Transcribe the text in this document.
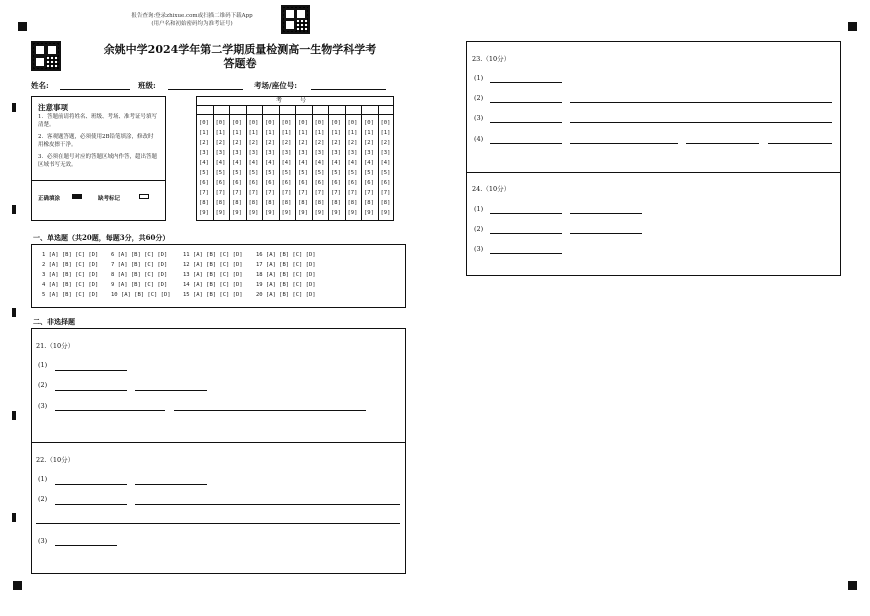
报告查询:登录zhixue.com或扫描二维码下载App
(用户名和初始密码均为准考证号)
余姚中学2024学年第二学期质量检测高一生物学科学考
答题卷
姓名:	班级:	考场/座位号:
注意事项
1．答题前请将姓名、班级、考场、准考证号填写清楚。
2．客观题答题，必须使用2B铅笔填涂，修改时用橡皮擦干净。
3．必须在题号对应的答题区域内作答，超出答题区域书写无效。
正确填涂	缺考标记
考 号
[0] [0] [0] [0] [0] [0] [0] [0] [0] [0] [0] [0]
[1] [1] [1] [1] [1] [1] [1] [1] [1] [1] [1] [1]
[2] [2] [2] [2] [2] [2] [2] [2] [2] [2] [2] [2]
[3] [3] [3] [3] [3] [3] [3] [3] [3] [3] [3] [3]
[4] [4] [4] [4] [4] [4] [4] [4] [4] [4] [4] [4]
[5] [5] [5] [5] [5] [5] [5] [5] [5] [5] [5] [5]
[6] [6] [6] [6] [6] [6] [6] [6] [6] [6] [6] [6]
[7] [7] [7] [7] [7] [7] [7] [7] [7] [7] [7] [7]
[8] [8] [8] [8] [8] [8] [8] [8] [8] [8] [8] [8]
[9] [9] [9] [9] [9] [9] [9] [9] [9] [9] [9] [9]
一、单选题（共20题，每题3分，共60分）
1 [A] [B] [C] [D]
2 [A] [B] [C] [D]
3 [A] [B] [C] [D]
4 [A] [B] [C] [D]
5 [A] [B] [C] [D]
6 [A] [B] [C] [D]
7 [A] [B] [C] [D]
8 [A] [B] [C] [D]
9 [A] [B] [C] [D]
10 [A] [B] [C] [D]
11 [A] [B] [C] [D]
12 [A] [B] [C] [D]
13 [A] [B] [C] [D]
14 [A] [B] [C] [D]
15 [A] [B] [C] [D]
16 [A] [B] [C] [D]
17 [A] [B] [C] [D]
18 [A] [B] [C] [D]
19 [A] [B] [C] [D]
20 [A] [B] [C] [D]
二、非选择题
21.（10分）
(1)
(2)
(3)
22.（10分）
(1)
(2)
(3)
23.（10分）
(1)
(2)
(3)
(4)
24.（10分）
(1)
(2)
(3)
